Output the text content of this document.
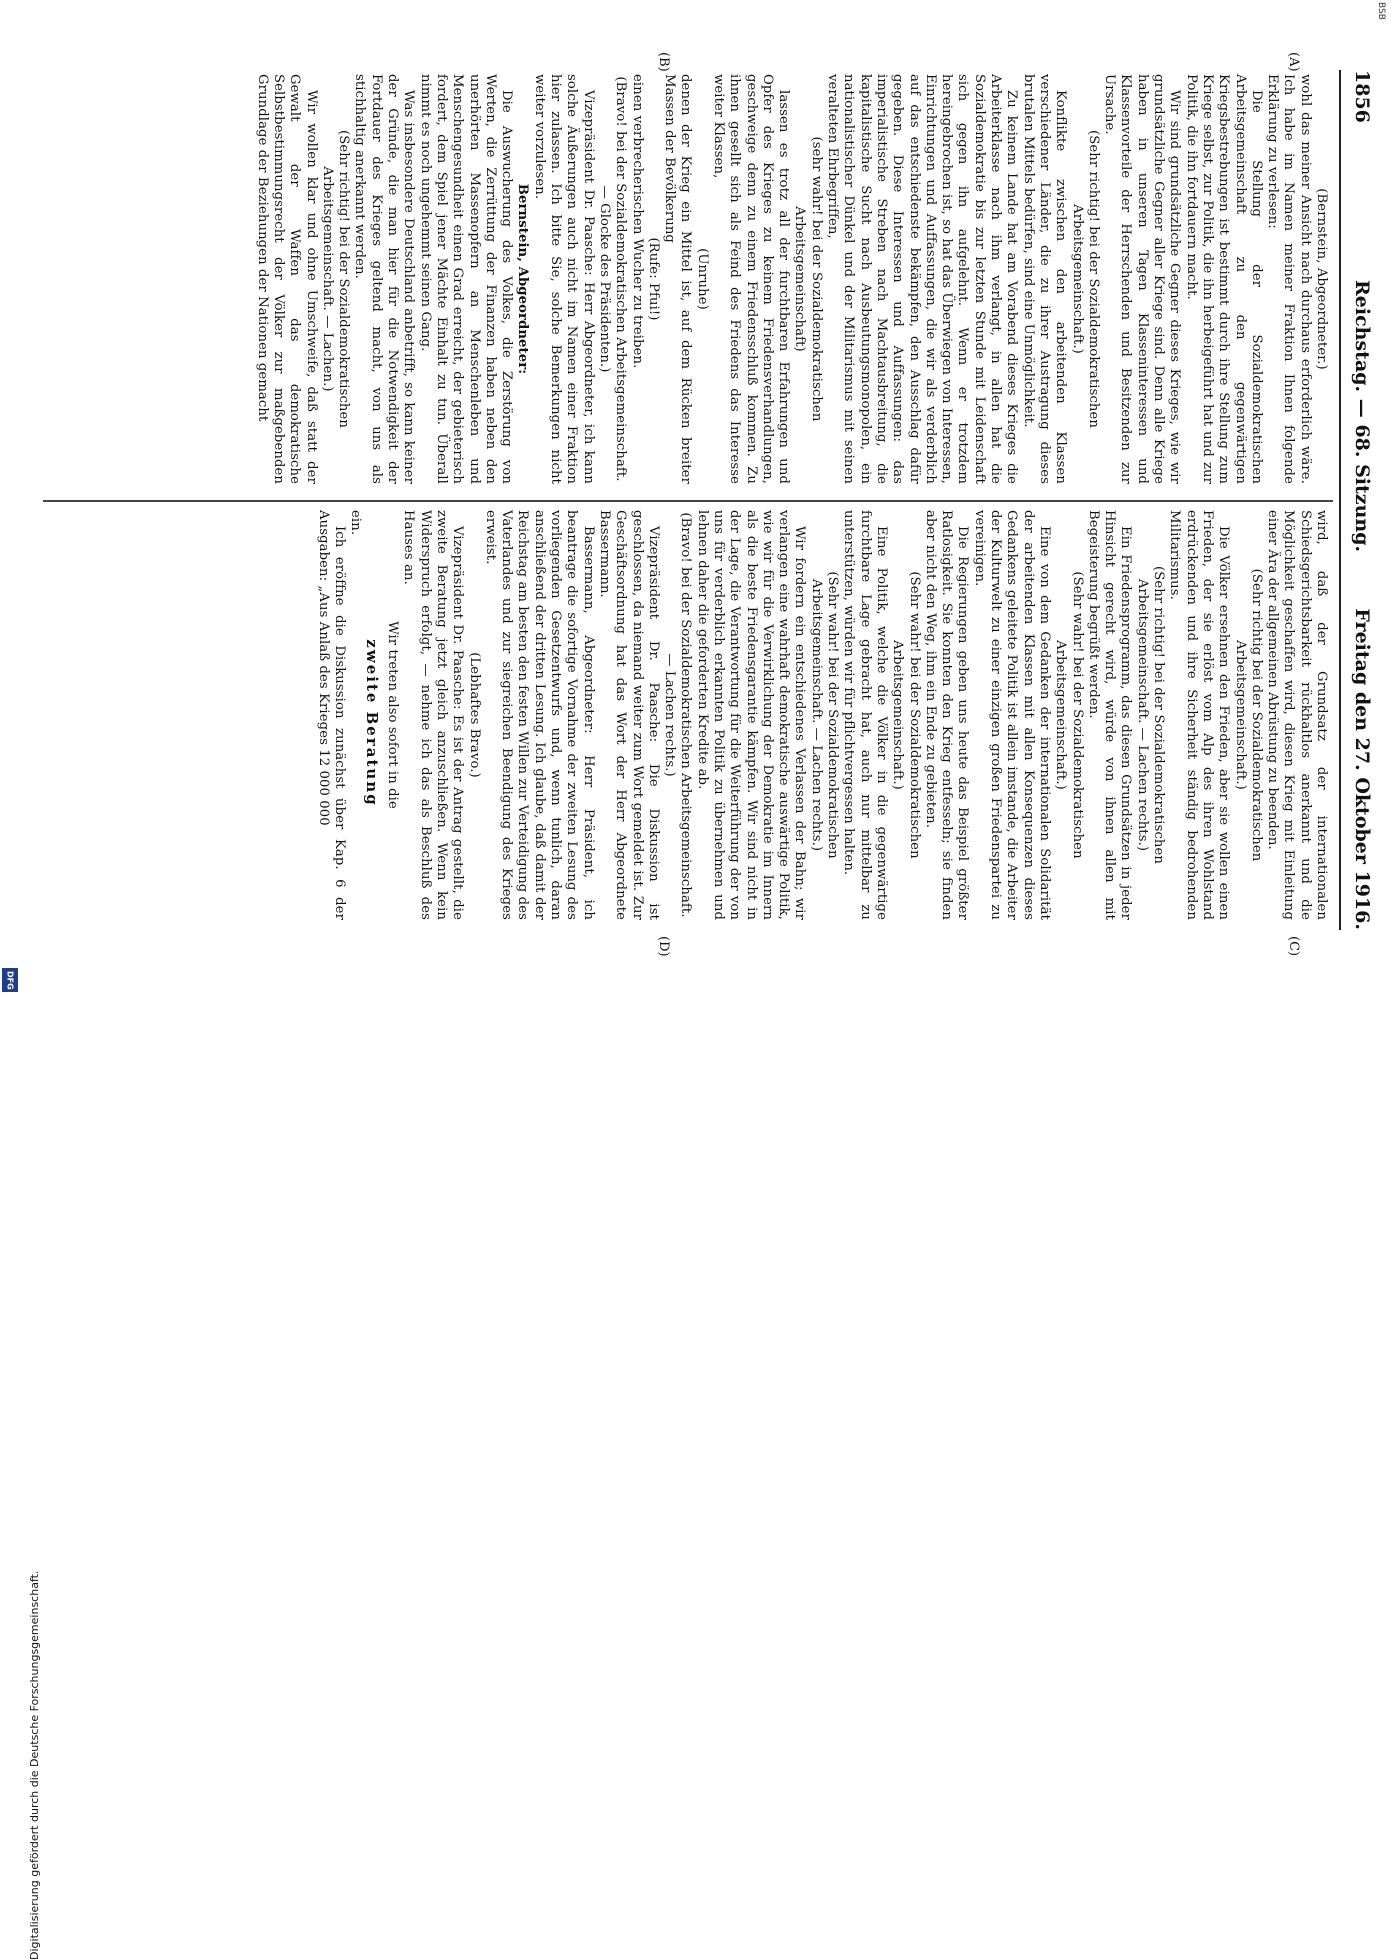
1856
Reichstag. — 68. Sitzung.
Freitag den 27. Oktober 1916.
(A)
(B)
(C)
(D)

(Bernstein, Abgeordneter.)

wohl das meiner Ansicht nach durchaus erforderlich wäre. Ich habe im Namen meiner Fraktion Ihnen folgende Erklärung zu verlesen:

Die Stellung der Sozialdemokratischen Arbeitsgemeinschaft zu den gegenwärtigen Kriegsbestrebungen ist bestimmt durch ihre Stellung zum Kriege selbst, zur Politik, die ihn herbeigeführt hat und zur Politik, die ihn fortdauern macht.

Wir sind grundsätzliche Gegner dieses Krieges, wie wir grundsätzliche Gegner aller Kriege sind. Denn alle Kriege haben in unseren Tagen Klasseninteressen und Klassenvorteile der Herrschenden und Besitzenden zur Ursache.

(Sehr richtig! bei der Sozialdemokratischen Arbeitsgemeinschaft.)

Konflikte zwischen den arbeitenden Klassen verschiedener Länder, die zu ihrer Austragung dieses brutalen Mittels bedürfen, sind eine Unmöglichkeit.

Zu keinem Lande hat am Vorabend dieses Krieges die Arbeiterklasse nach ihm verlangt, in allen hat die Sozialdemokratie bis zur letzten Stunde mit Leidenschaft sich gegen ihn aufgelehnt. Wenn er trotzdem hereingebrochen ist, so hat das Überwiegen von Interessen, Einrichtungen und Auffassungen, die wir als verderblich auf das entschiedenste bekämpfen, den Ausschlag dafür gegeben. Diese Interessen und Auffassungen: das imperialistische Streben nach Machtausbreitung, die kapitalistische Sucht nach Ausbeutungsmonopolen, ein nationalistischer Dünkel und der Militarismus mit seinen veralteten Ehrbegriffen,

(sehr wahr! bei der Sozialdemokratischen Arbeitsgemeinschaft)

lassen es trotz all der furchtbaren Erfahrungen und Opfer des Krieges zu keinem Friedensverhandlungen, geschweige denn zu einem Friedensschluß kommen. Zu ihnen gesellt sich als Feind des Friedens das Interesse weiter Klassen,

(Unruhe)

denen der Krieg ein Mittel ist, auf dem Rücken breiter Massen der Bevölkerung

(Rufe: Pfui!)

einen verbrecherischen Wucher zu treiben.

(Bravo! bei der Sozialdemokratischen Arbeitsgemeinschaft. — Glocke des Präsidenten.)

Vizepräsident Dr. Paasche: Herr Abgeordneter, ich kann solche Äußerungen auch nicht im Namen einer Fraktion hier zulassen. Ich bitte Sie, solche Bemerkungen nicht weiter vorzulesen.

Bernstein, Abgeordneter:

Die Auswucherung des Volkes, die Zerstörung von Werten, die Zerrüttung der Finanzen haben neben den unerhörten Massenopfern an Menschenleben und Menschengesundheit einen Grad erreicht, der gebieterisch fordert, dem Spiel jener Mächte Einhalt zu tun. Überall nimmt es noch ungehemmt seinen Gang.

Was insbesondere Deutschland anbetrifft, so kann keiner der Gründe, die man hier für die Notwendigkeit der Fortdauer des Krieges geltend macht, von uns als stichhaltig anerkannt werden.

(Sehr richtig! bei der Sozialdemokratischen Arbeitsgemeinschaft. — Lachen.)

Wir wollen klar und ohne Umschweife, daß statt der Gewalt der Waffen das demokratische Selbstbestimmungsrecht der Völker zur maßgebenden Grundlage der Beziehungen der Nationen gemacht

wird, daß der Grundsatz der internationalen Schiedsgerichtsbarkeit rückhaltlos anerkannt und die Möglichkeit geschaffen wird, diesen Krieg mit Einleitung einer Ära der allgemeinen Abrüstung zu beenden.

(Sehr richtig bei der Sozialdemokratischen Arbeitsgemeinschaft.)

Die Völker ersehnen den Frieden, aber sie wollen einen Frieden, der sie erlöst vom Alp des ihren Wohlstand erdrückenden und ihre Sicherheit ständig bedrohenden Militarismus.

(Sehr richtig! bei der Sozialdemokratischen Arbeitsgemeinschaft. — Lachen rechts.)

Ein Friedensprogramm, das diesen Grundsätzen in jeder Hinsicht gerecht wird, würde von ihnen allen mit Begeisterung begrüßt werden.

(Sehr wahr! bei der Sozialdemokratischen Arbeitsgemeinschaft.)

Eine von dem Gedanken der internationalen Solidarität der arbeitenden Klassen mit allen Konsequenzen dieses Gedankens geleitete Politik ist allein imstande, die Arbeiter der Kulturwelt zu einer einzigen großen Friedenspartei zu vereinigen.

Die Regierungen geben uns heute das Beispiel größter Ratlosigkeit. Sie konnten den Krieg entfesseln; sie finden aber nicht den Weg, ihm ein Ende zu gebieten.

(Sehr wahr! bei der Sozialdemokratischen Arbeitsgemeinschaft.)

Eine Politik, welche die Völker in die gegenwärtige furchtbare Lage gebracht hat, auch nur mittelbar zu unterstützen, würden wir für pflichtvergessen halten.

(Sehr wahr! bei der Sozialdemokratischen Arbeitsgemeinschaft. — Lachen rechts.)

Wir fordern ein entschiedenes Verlassen der Bahn; wir verlangen eine wahrhaft demokratische auswärtige Politik, wie wir für die Verwirklichung der Demokratie im Innern als die beste Friedensgarantie kämpfen. Wir sind nicht in der Lage, die Verantwortung für die Weiterführung der von uns für verderblich erkannten Politik zu übernehmen und lehnen daher die geforderten Kredite ab.

(Bravo! bei der Sozialdemokratischen Arbeitsgemeinschaft. — Lachen rechts.)

Vizepräsident Dr. Paasche: Die Diskussion ist geschlossen, da niemand weiter zum Wort gemeldet ist. Zur Geschäftsordnung hat das Wort der Herr Abgeordnete Bassermann.

Bassermann, Abgeordneter: Herr Präsident, ich beantrage die sofortige Vornahme der zweiten Lesung des vorliegenden Gesetzentwurfs und, wenn tunlich, daran anschließend der dritten Lesung. Ich glaube, daß damit der Reichstag am besten den festen Willen zur Verteidigung des Vaterlandes und zur siegreichen Beendigung des Krieges erweist.

(Lebhaftes Bravo.)

Vizepräsident Dr. Paasche: Es ist der Antrag gestellt, die zweite Beratung jetzt gleich anzuschließen. Wenn kein Widerspruch erfolgt, — nehme ich das als Beschluß des Hauses an.

Wir treten also sofort in die

zweite Beratung

ein.

Ich eröffne die Diskussion zunächst über Kap. 6 der Ausgaben: „Aus Anlaß des Krieges 12 000 000

Digitalisierung gefördert durch die Deutsche Forschungsgemeinschaft.
DFG
BSB
